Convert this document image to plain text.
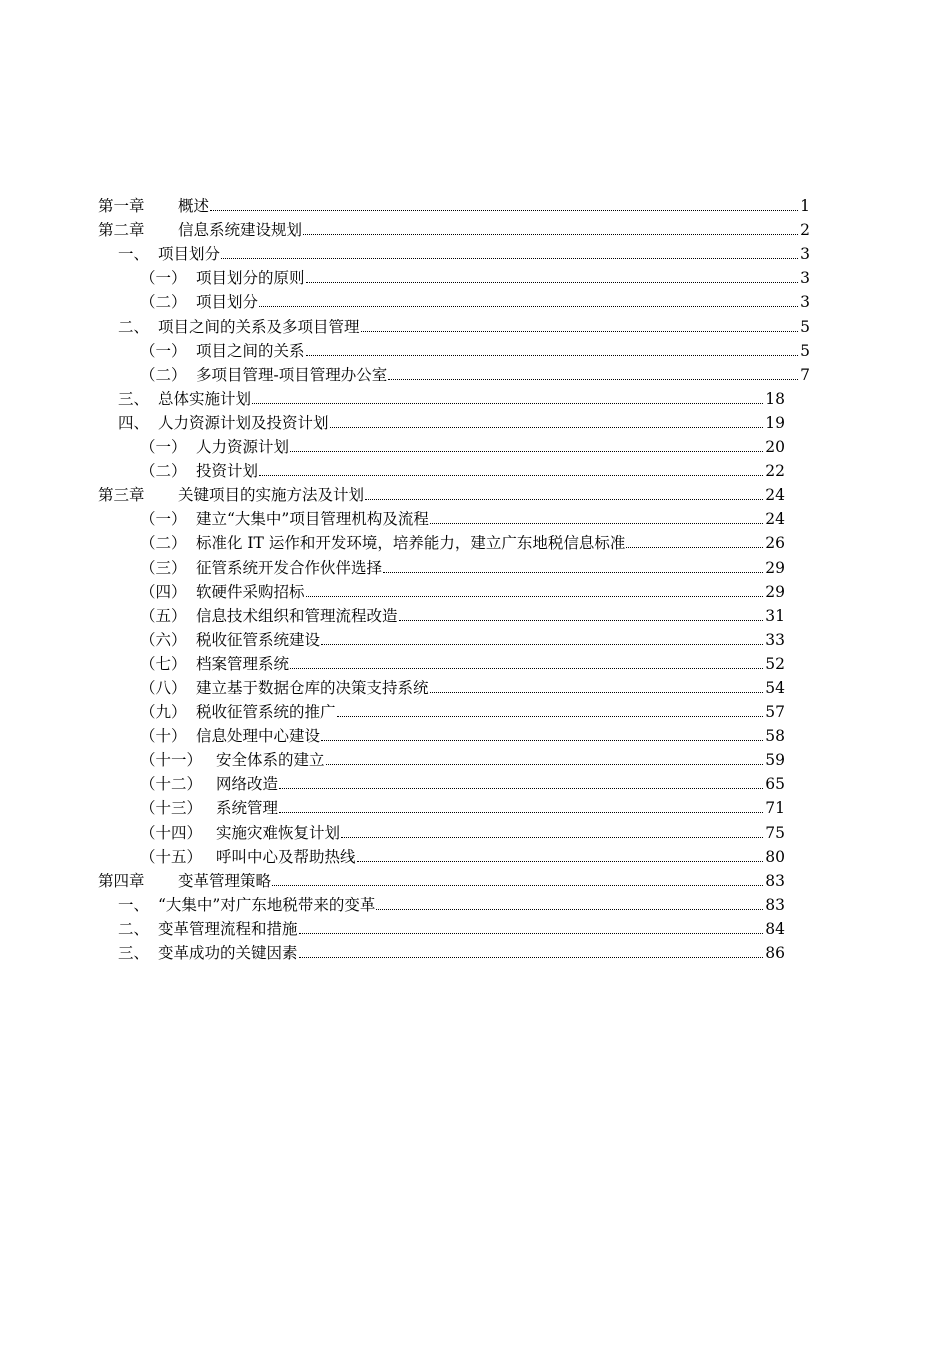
第一章	概述	1
第二章	信息系统建设规划	2
一、 项目划分	3
（一） 项目划分的原则	3
（二） 项目划分	3
二、 项目之间的关系及多项目管理	5
（一） 项目之间的关系	5
（二） 多项目管理-项目管理办公室	7
三、 总体实施计划	18
四、 人力资源计划及投资计划	19
（一） 人力资源计划	20
（二） 投资计划	22
第三章	关键项目的实施方法及计划	24
（一） 建立“大集中”项目管理机构及流程	24
（二） 标准化 IT 运作和开发环境，培养能力，建立广东地税信息标准	26
（三） 征管系统开发合作伙伴选择	29
（四） 软硬件采购招标	29
（五） 信息技术组织和管理流程改造	31
（六） 税收征管系统建设	33
（七） 档案管理系统	52
（八） 建立基于数据仓库的决策支持系统	54
（九） 税收征管系统的推广	57
（十） 信息处理中心建设	58
（十一） 安全体系的建立	59
（十二） 网络改造	65
（十三） 系统管理	71
（十四） 实施灾难恢复计划	75
（十五） 呼叫中心及帮助热线	80
第四章	变革管理策略	83
一、 “大集中”对广东地税带来的变革	83
二、 变革管理流程和措施	84
三、 变革成功的关键因素	86
